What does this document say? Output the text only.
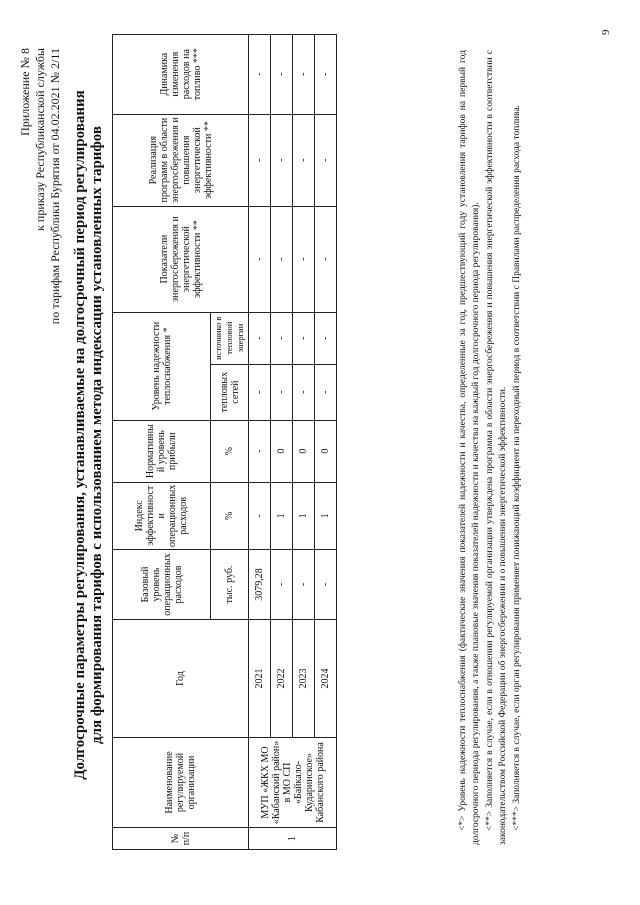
Приложение № 8 к приказу Республиканской службы по тарифам Республики Бурятия от 04.02.2021 № 2/11 Долгосрочные параметры регулирования, устанавливаемые на долгосрочный период регулирования для формирования тарифов с использованием метода индексации установленных тарифов
№ п/п	Наименование регулируемой организации	Год	Базовый уровень операционных расходов	Индекс эффективност и операционных расходов	Нормативны й уровень прибыли	Уровень надежности теплоснабжения *		Показатели энергосбережения и энергетической эффективности **	Реализация программ в области энергосбережения и повышения энергетической эффективности **	Динамика изменения расходов на топливо ***
			тыс. руб.	%	%	тепловых сетей	источнико в тепловой энергии			
1	МУП «ЖКХ МО «Кабанский район» в МО СП «Байкало-Кударинское» Кабанского района	2021	3079,28	-	-	-	-	-	-	-
		2022	-	1	0	-	-	-	-	-
		2023	-	1	0	-	-	-	-	-
		2024	-	1	0	-	-	-	-	-	<*> Уровень надежности теплоснабжения (фактические значения показателей надежности и качества, определенные за год, предшествующий году установления тарифов на первый год долгосрочного периода регулирования, а также плановые значения показателей надежности и качества на каждый год долгосрочного периода регулирования). <**> Заполняется в случае, если в отношении регулируемой организации утверждена программа в области энергосбережения и повышения энергетической эффективности в соответствии с законодательством Российской Федерации об энергосбережении и о повышении энергетической эффективности. <***> Заполняется в случае, если орган регулирования применяет понижающий коэффициент на переходный период в соответствии с Правилами распределения расхода топлива.

9
